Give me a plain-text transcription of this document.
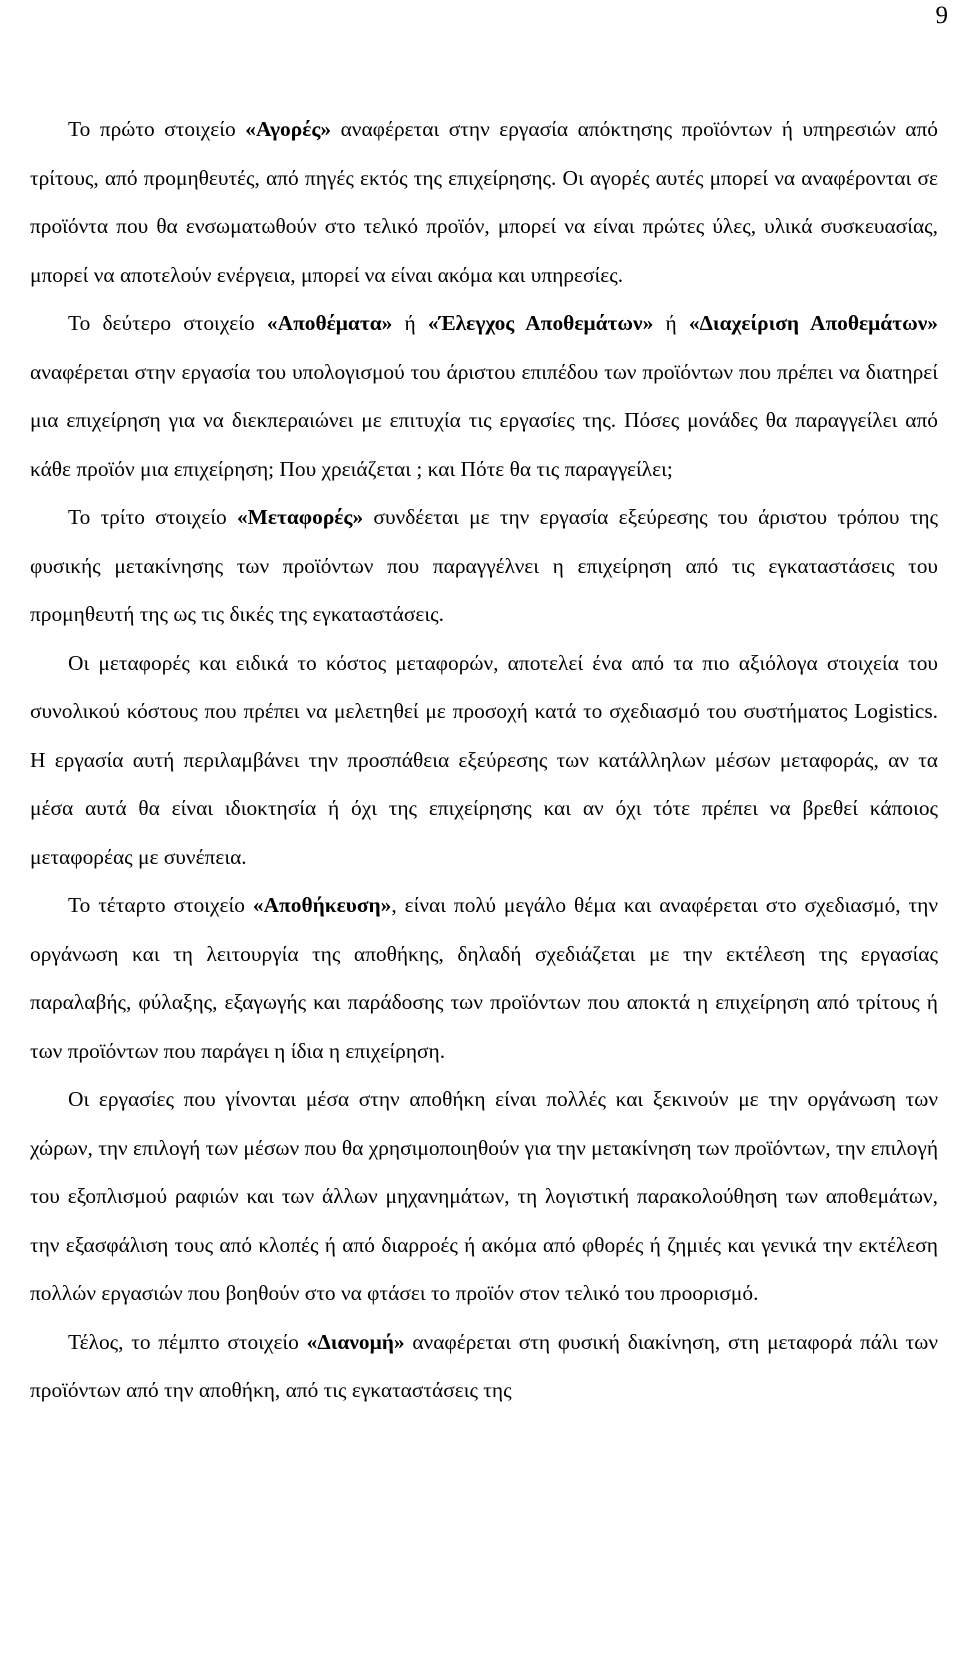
9

Το πρώτο στοιχείο «Αγορές» αναφέρεται στην εργασία απόκτησης προϊόντων ή υπηρεσιών από τρίτους, από προμηθευτές, από πηγές εκτός της επιχείρησης. Οι αγορές αυτές μπορεί να αναφέρονται σε προϊόντα που θα ενσωματωθούν στο τελικό προϊόν, μπορεί να είναι πρώτες ύλες, υλικά συσκευασίας, μπορεί να αποτελούν ενέργεια, μπορεί να είναι ακόμα και υπηρεσίες.

Το δεύτερο στοιχείο «Αποθέματα» ή «Έλεγχος Αποθεμάτων» ή «Διαχείριση Αποθεμάτων» αναφέρεται στην εργασία του υπολογισμού του άριστου επιπέδου των προϊόντων που πρέπει να διατηρεί μια επιχείρηση για να διεκπεραιώνει με επιτυχία τις εργασίες της. Πόσες μονάδες θα παραγγείλει από κάθε προϊόν μια επιχείρηση; Που χρειάζεται ; και Πότε θα τις παραγγείλει;

Το τρίτο στοιχείο «Μεταφορές» συνδέεται με την εργασία εξεύρεσης του άριστου τρόπου της φυσικής μετακίνησης των προϊόντων που παραγγέλνει η επιχείρηση από τις εγκαταστάσεις του προμηθευτή της ως τις δικές της εγκαταστάσεις.

Οι μεταφορές και ειδικά το κόστος μεταφορών, αποτελεί ένα από τα πιο αξιόλογα στοιχεία του συνολικού κόστους που πρέπει να μελετηθεί με προσοχή κατά το σχεδιασμό του συστήματος Logistics. Η εργασία αυτή περιλαμβάνει την προσπάθεια εξεύρεσης των κατάλληλων μέσων μεταφοράς, αν τα μέσα αυτά θα είναι ιδιοκτησία ή όχι της επιχείρησης και αν όχι τότε πρέπει να βρεθεί κάποιος μεταφορέας με συνέπεια.

Το τέταρτο στοιχείο «Αποθήκευση», είναι πολύ μεγάλο θέμα και αναφέρεται στο σχεδιασμό, την οργάνωση και τη λειτουργία της αποθήκης, δηλαδή σχεδιάζεται με την εκτέλεση της εργασίας παραλαβής, φύλαξης, εξαγωγής και παράδοσης των προϊόντων που αποκτά η επιχείρηση από τρίτους ή των προϊόντων που παράγει η ίδια η επιχείρηση.

Οι εργασίες που γίνονται μέσα στην αποθήκη είναι πολλές και ξεκινούν με την οργάνωση των χώρων, την επιλογή των μέσων που θα χρησιμοποιηθούν για την μετακίνηση των προϊόντων, την επιλογή του εξοπλισμού ραφιών και των άλλων μηχανημάτων, τη λογιστική παρακολούθηση των αποθεμάτων, την εξασφάλιση τους από κλοπές ή από διαρροές ή ακόμα από φθορές ή ζημιές και γενικά την εκτέλεση πολλών εργασιών που βοηθούν στο να φτάσει το προϊόν στον τελικό του προορισμό.

Τέλος, το πέμπτο στοιχείο «Διανομή» αναφέρεται στη φυσική διακίνηση, στη μεταφορά πάλι των προϊόντων από την αποθήκη, από τις εγκαταστάσεις της
